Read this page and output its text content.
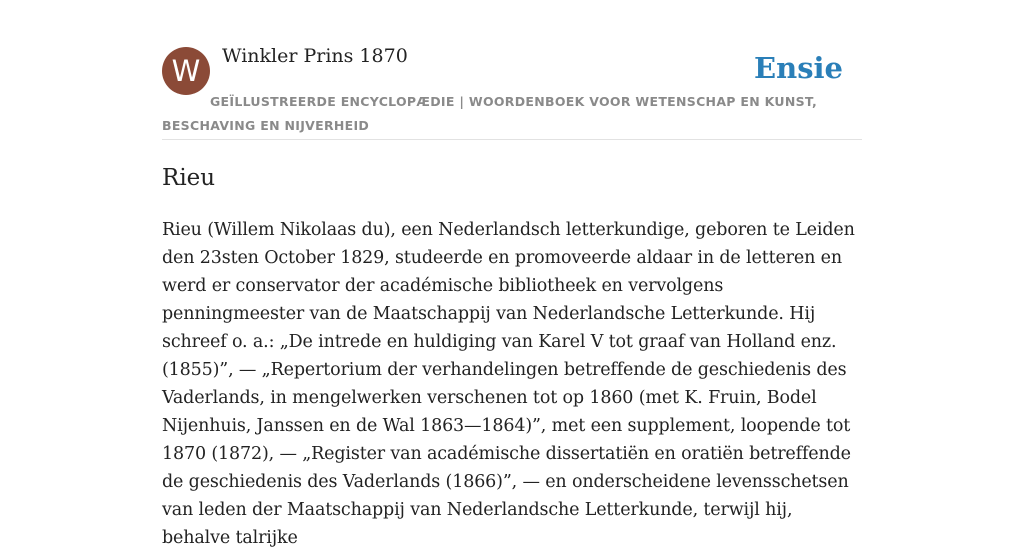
W	Winkler Prins 1870	Ensie
GEÏLLUSTREERDE ENCYCLOPÆDIE | WOORDENBOEK VOOR WETENSCHAP EN KUNST, BESCHAVING EN NIJVERHEID
Rieu

Rieu (Willem Nikolaas du), een Nederlandsch letterkundige, geboren te Leiden den 23sten October 1829, studeerde en promoveerde aldaar in de letteren en werd er conservator der académische bibliotheek en vervolgens penningmeester van de Maatschappij van Nederlandsche Letterkunde. Hij schreef o. a.: „De intrede en huldiging van Karel V tot graaf van Holland enz. (1855)”, — „Repertorium der verhandelingen betreffende de geschiedenis des Vaderlands, in mengelwerken verschenen tot op 1860 (met K. Fruin, Bodel Nijenhuis, Janssen en de Wal 1863—1864)”, met een supplement, loopende tot 1870 (1872), — „Register van académische dissertatiën en oratiën betreffende de geschiedenis des Vaderlands (1866)”, — en onderscheidene levensschetsen van leden der Maatschappij van Nederlandsche Letterkunde, terwijl hij, behalve talrijke
